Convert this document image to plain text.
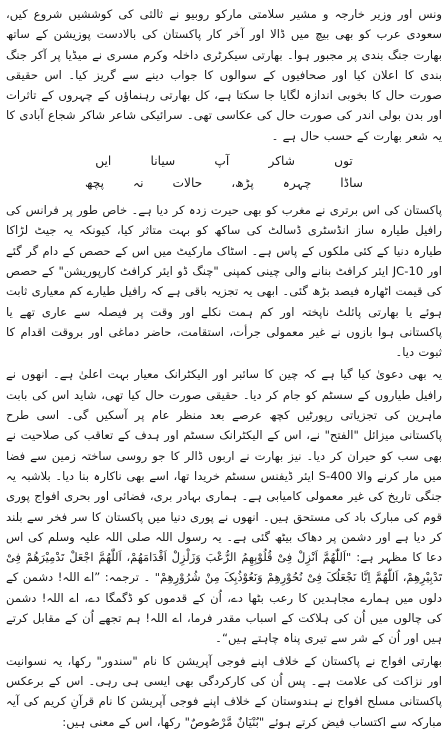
ونس اور وزیر خارجہ و مشیر سلامتی مارکو روبیو نے ثالثی کی کوششیں شروع کیں، سعودی عرب کو بھی بیچ میں ڈالا اور آخر کار پاکستان کی بالادست پوزیشن کے ساتھ بھارت جنگ بندی پر مجبور ہوا۔ بھارتی سیکرٹری داخلہ وکرم مسری نے میڈیا پر آکر جنگ بندی کا اعلان کیا اور صحافیوں کے سوالوں کا جواب دینے سے گریز کیا۔ اس حقیقی صورت حال کا بخوبی اندازہ لگایا جا سکتا ہے، کل بھارتی رہنماؤں کے چہروں کے تاثرات اور بدن بولی اندر کی صورت حال کی عکاسی تھی۔ سرائیکی شاعر شاکر شجاع آبادی کا یہ شعر بھارت کے حسب حال ہے ۔

توں
شاکر
آپ
سیانا
ایں
ساڈا
چہرہ
پڑھ،
حالات
نہ
پچھ

پاکستان کی اس برتری نے مغرب کو بھی حیرت زدہ کر دیا ہے۔ خاص طور پر فرانس کی رافیل طیارہ ساز انڈسٹری ڈسالٹ کی ساکھ کو بہت متاثر کیا، کیونکہ یہ جیٹ لڑاکا طیارہ دنیا کے کئی ملکوں کے پاس ہے۔ اسٹاک مارکیٹ میں اس کے حصص کے دام گر گئے اور JC-10 ایئر کرافٹ بنانے والی چینی کمپنی "چنگ ڈو ایئر کرافٹ کارپوریشن" کے حصص کی قیمت اٹھارہ فیصد بڑھ گئی۔ ابھی یہ تجزیہ باقی ہے کہ رافیل طیارے کم معیاری ثابت ہوئے یا بھارتی پائلٹ ناپختہ اور کم ہمت نکلے اور وقت پر فیصلہ سے عاری تھے یا پاکستانی ہوا بازوں نے غیر معمولی جرأت، استقامت، حاضر دماغی اور بروقت اقدام کا ثبوت دیا۔

یہ بھی دعویٰ کیا گیا ہے کہ چین کا سائبر اور الیکٹرانک معیار بہت اعلیٰ ہے۔ انھوں نے رافیل طیاروں کے سسٹم کو جام کر دیا۔ حقیقی صورت حال کیا تھی، شاید اس کی بابت ماہرین کی تجزیاتی رپورٹیں کچھ عرصے بعد منظر عام پر آسکیں گی۔ اسی طرح پاکستانی میزائل "الفتح" نے، اس کے الیکٹرانک سسٹم اور ہدف کے تعاقب کی صلاحیت نے بھی سب کو حیران کر دیا۔ نیز بھارت نے اربوں ڈالر کا جو روسی ساختہ زمین سے فضا میں مار کرنے والا S-400 ایئر ڈیفنس سسٹم خریدا تھا، اسے بھی ناکارہ بنا دیا۔ بلاشبہ یہ جنگی تاریخ کی غیر معمولی کامیابی ہے۔ ہماری بہادر بری، فضائی اور بحری افواج پوری قوم کی مبارک باد کی مستحق ہیں۔ انھوں نے پوری دنیا میں پاکستان کا سر فخر سے بلند کر دیا ہے اور دشمن پر دھاک بیٹھ گئی ہے۔ یہ رسول اللہ صلی اللہ علیہ وسلم کی اس دعا کا مظہر ہے: "اَللّٰھُمَّ اَنْزِلْ فِیْ قُلُوْبِھِمُ الرُّعْبَ وَزَلْزِلْ اَقْدَامَھُمْ، اَللّٰھُمَّ اجْعَلْ تَدْمِیْرَھُمْ فِیْ تَدْبِیْرِھِمْ، اَللّٰھُمَّ اِنَّا نَجْعَلُکَ فِیْ نُحُوْرِھِمْ وَنَعُوْذُبِکَ مِنْ شُرُوْرِھِمْ" ۔ ترجمہ: ”اے اللہ! دشمن کے دلوں میں ہمارے مجاہدین کا رعب بٹھا دے، اُن کے قدموں کو ڈگمگا دے، اے اللہ! دشمن کی چالوں میں اُن کی ہلاکت کے اسباب مقدر فرما، اے اللہ! ہم تجھے اُن کے مقابل کرتے ہیں اور اُن کے شر سے تیری پناہ چاہتے ہیں“۔

بھارتی افواج نے پاکستان کے خلاف اپنے فوجی آپریشن کا نام "سندور" رکھا، یہ نسوانیت اور نزاکت کی علامت ہے۔ پس اُن کی کارکردگی بھی ایسی ہی رہی۔ اس کے برعکس پاکستانی مسلح افواج نے ہندوستان کے خلاف اپنے فوجی آپریشن کا نام قرآنِ کریم کی آیہ مبارکہ سے اکتساب فیض کرتے ہوئے "بُنْیَانٌ مَّرْصُوصٌ" رکھا، اس کے معنی ہیں:
